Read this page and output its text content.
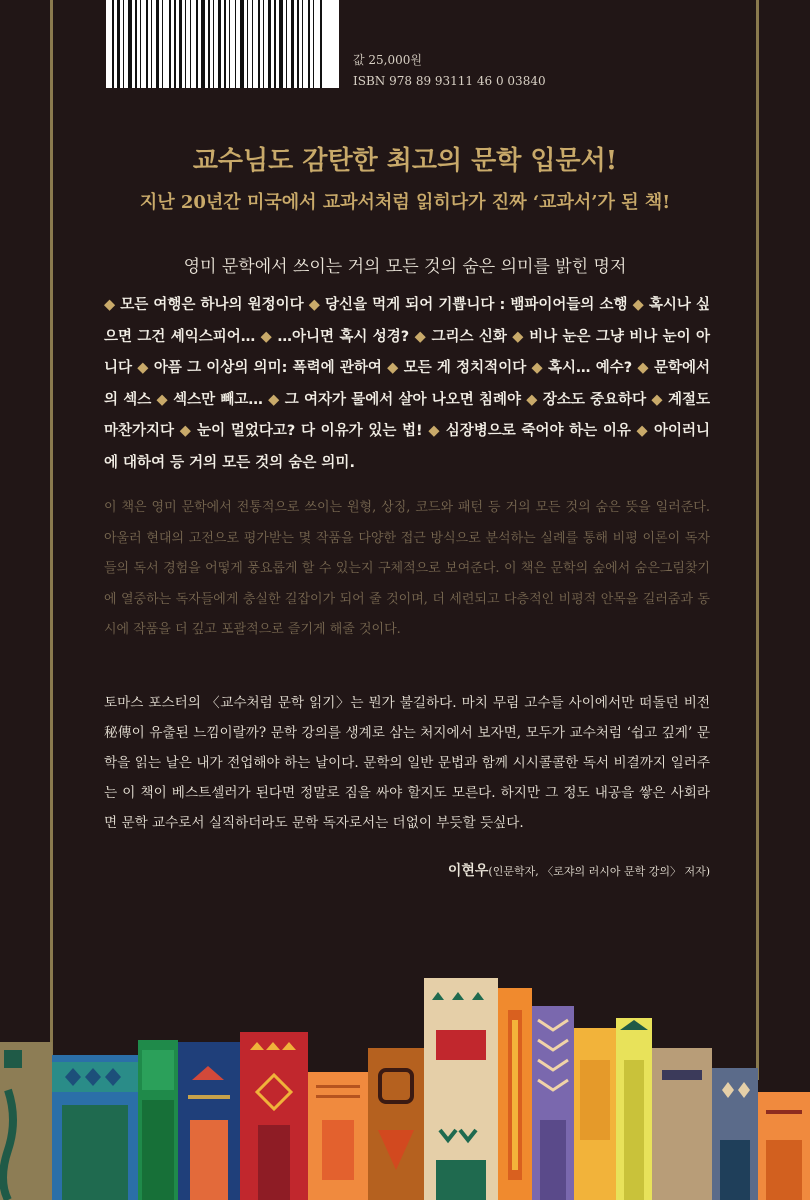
값 25,000원
ISBN 978 89 93111 46 0 03840
교수님도 감탄한 최고의 문학 입문서!
지난 20년간 미국에서 교과서처럼 읽히다가 진짜 ‘교과서’가 된 책!
영미 문학에서 쓰이는 거의 모든 것의 숨은 의미를 밝힌 명저
◆ 모든 여행은 하나의 원정이다 ◆ 당신을 먹게 되어 기쁩니다 : 뱀파이어들의 소행 ◆ 혹시나 싶으면 그건 셰익스피어… ◆ …아니면 혹시 성경? ◆ 그리스 신화 ◆ 비나 눈은 그냥 비나 눈이 아니다 ◆ 아픔 그 이상의 의미: 폭력에 관하여 ◆ 모든 게 정치적이다 ◆ 혹시… 예수? ◆ 문학에서의 섹스 ◆ 섹스만 빼고… ◆ 그 여자가 물에서 살아 나오면 침례야 ◆ 장소도 중요하다 ◆ 계절도 마찬가지다 ◆ 눈이 멀었다고? 다 이유가 있는 법! ◆ 심장병으로 죽어야 하는 이유 ◆ 아이러니에 대하여 등 거의 모든 것의 숨은 의미.
이 책은 영미 문학에서 전통적으로 쓰이는 원형, 상징, 코드와 패턴 등 거의 모든 것의 숨은 뜻을 일러준다. 아울러 현대의 고전으로 평가받는 몇 작품을 다양한 접근 방식으로 분석하는 실례를 통해 비평 이론이 독자들의 독서 경험을 어떻게 풍요롭게 할 수 있는지 구체적으로 보여준다. 이 책은 문학의 숲에서 숨은그림찾기에 열중하는 독자들에게 충실한 길잡이가 되어 줄 것이며, 더 세련되고 다층적인 비평적 안목을 길러줌과 동시에 작품을 더 깊고 포괄적으로 즐기게 해줄 것이다.
토마스 포스터의 〈교수처럼 문학 읽기〉는 뭔가 불길하다. 마치 무림 고수들 사이에서만 떠돌던 비전秘傳이 유출된 느낌이랄까? 문학 강의를 생계로 삼는 처지에서 보자면, 모두가 교수처럼 ‘쉽고 깊게’ 문학을 읽는 날은 내가 전업해야 하는 날이다. 문학의 일반 문법과 함께 시시콜콜한 독서 비결까지 일러주는 이 책이 베스트셀러가 된다면 정말로 짐을 싸야 할지도 모른다. 하지만 그 정도 내공을 쌓은 사회라면 문학 교수로서 실직하더라도 문학 독자로서는 더없이 부듯할 듯싶다.
이현우(인문학자, 〈로쟈의 러시아 문학 강의〉 저자)
